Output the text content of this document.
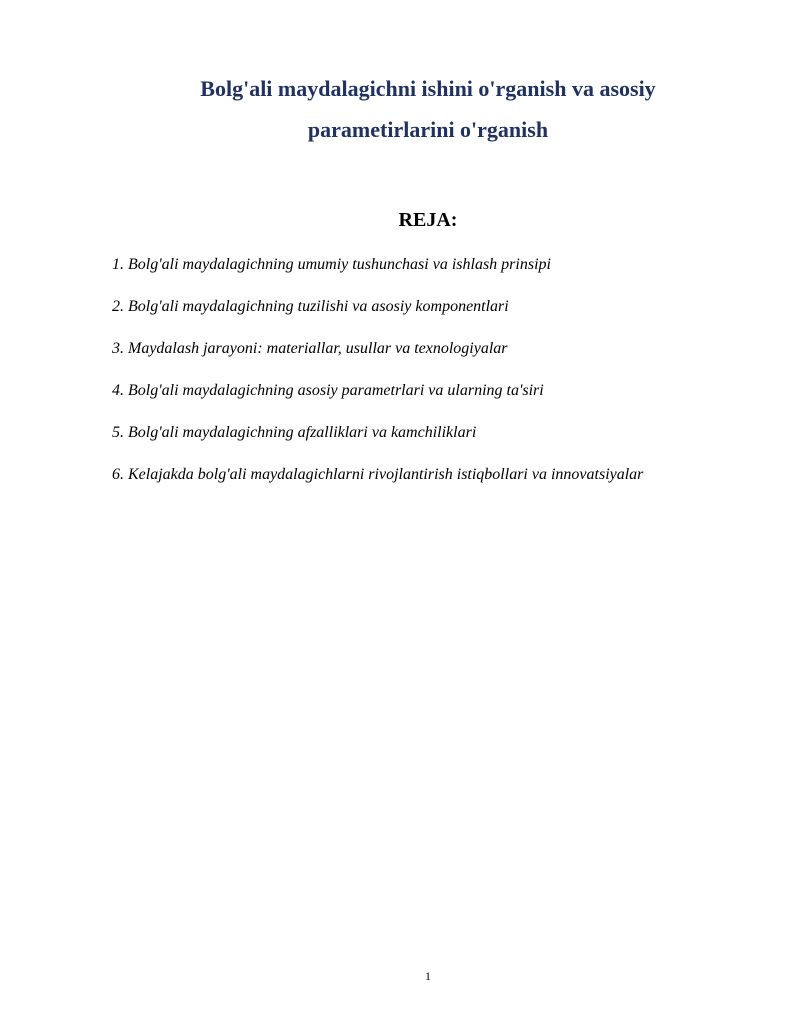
Bolg'ali maydalagichni ishini o'rganish va asosiy
parametirlarini o'rganish
REJA:
1. Bolg'ali maydalagichning umumiy tushunchasi va ishlash prinsipi
2. Bolg'ali maydalagichning tuzilishi va asosiy komponentlari
3. Maydalash jarayoni: materiallar, usullar va texnologiyalar
4. Bolg'ali maydalagichning asosiy parametrlari va ularning ta'siri
5. Bolg'ali maydalagichning afzalliklari va kamchiliklari
6. Kelajakda bolg'ali maydalagichlarni rivojlantirish istiqbollari va innovatsiyalar
1
